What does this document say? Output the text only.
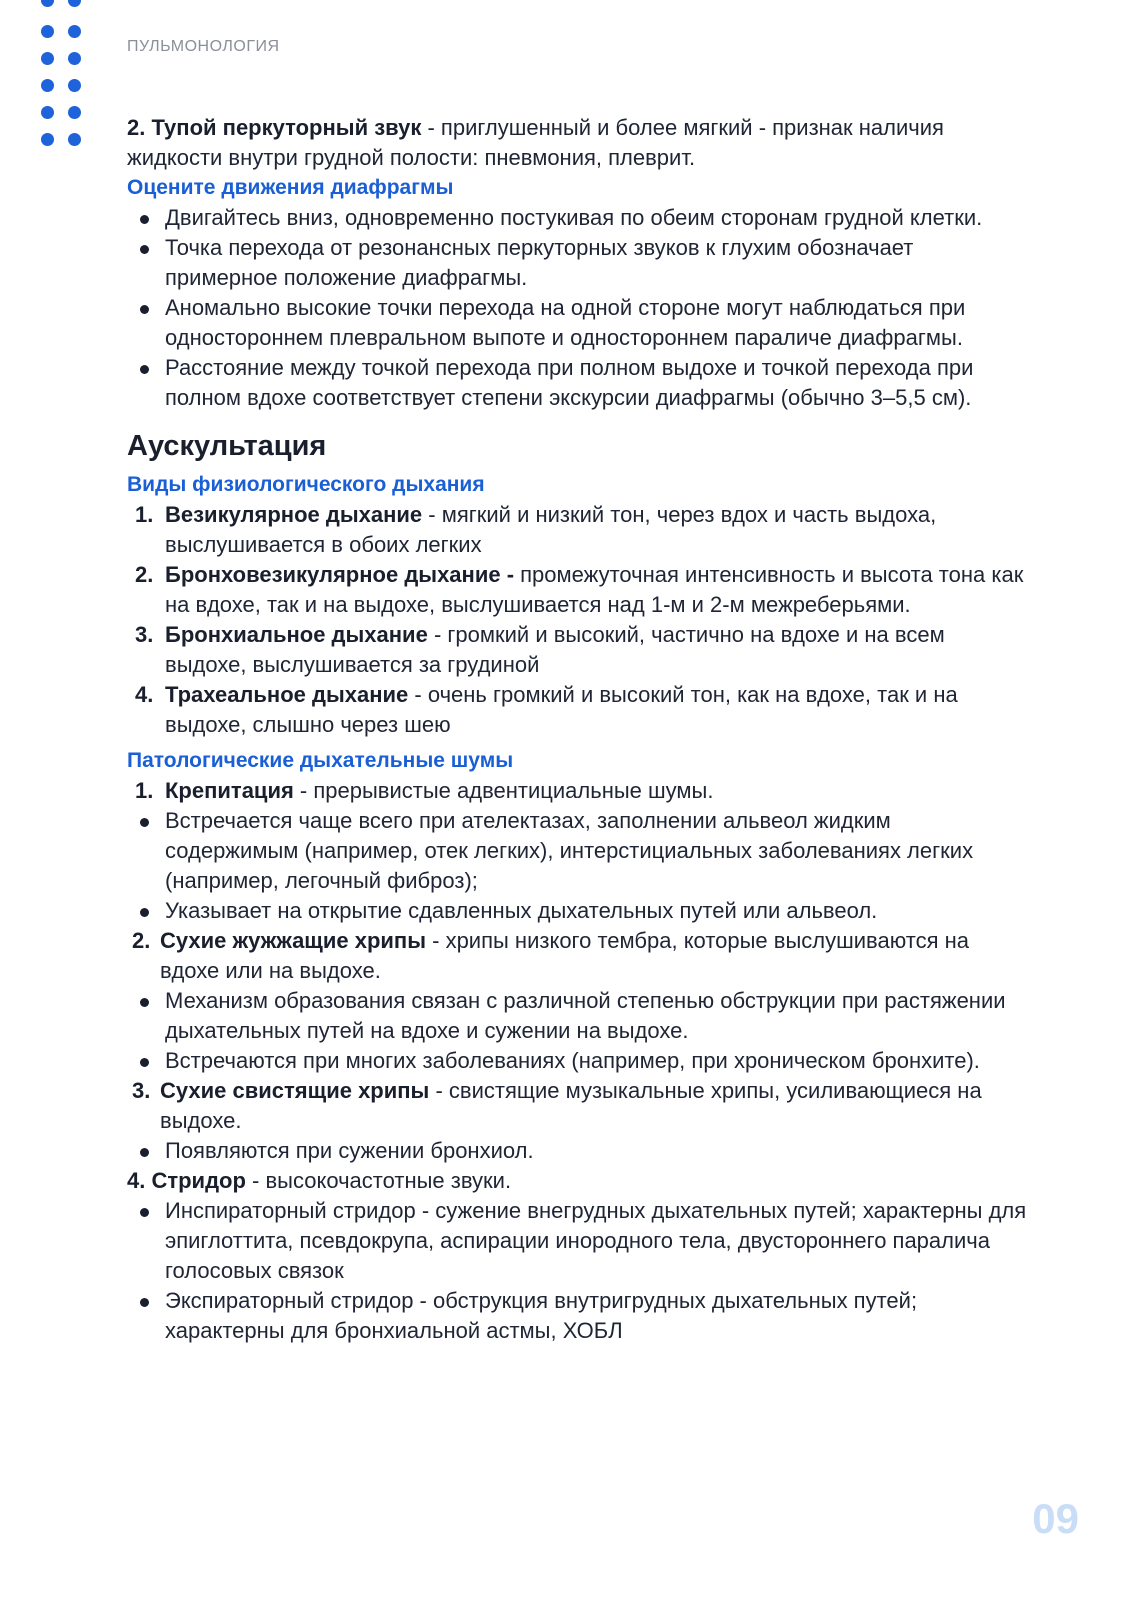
ПУЛЬМОНОЛОГИЯ

2. Тупой перкуторный звук - приглушенный и более мягкий - признак наличия жидкости внутри грудной полости: пневмония, плеврит.

Оцените движения диафрагмы

Двигайтесь вниз, одновременно постукивая по обеим сторонам грудной клетки.

Точка перехода от резонансных перкуторных звуков к глухим обозначает примерное положение диафрагмы.

Аномально высокие точки перехода на одной стороне могут наблюдаться при одностороннем плевральном выпоте и одностороннем параличе диафрагмы.

Расстояние между точкой перехода при полном выдохе и точкой перехода при полном вдохе соответствует степени экскурсии диафрагмы (обычно 3–5,5 см).

Аускультация

Виды физиологического дыхания

1. Везикулярное дыхание - мягкий и низкий тон, через вдох и часть выдоха, выслушивается в обоих легких

2. Бронховезикулярное дыхание - промежуточная интенсивность и высота тона как на вдохе, так и на выдохе, выслушивается над 1-м и 2-м межреберьями.

3. Бронхиальное дыхание - громкий и высокий, частично на вдохе и на всем выдохе, выслушивается за грудиной

4. Трахеальное дыхание - очень громкий и высокий тон, как на вдохе, так и на выдохе, слышно через шею

Патологические дыхательные шумы

1. Крепитация - прерывистые адвентициальные шумы.

Встречается чаще всего при ателектазах, заполнении альвеол жидким содержимым (например, отек легких), интерстициальных заболеваниях легких (например, легочный фиброз);

Указывает на открытие сдавленных дыхательных путей или альвеол.

2. Сухие жужжащие хрипы - хрипы низкого тембра, которые выслушиваются на вдохе или на выдохе.

Механизм образования связан с различной степенью обструкции при растяжении дыхательных путей на вдохе и сужении на выдохе.

Встречаются при многих заболеваниях (например, при хроническом бронхите).

3. Сухие свистящие хрипы - свистящие музыкальные хрипы, усиливающиеся на выдохе.

Появляются при сужении бронхиол.

4. Стридор - высокочастотные звуки.

Инспираторный стридор - сужение внегрудных дыхательных путей; характерны для эпиглоттита, псевдокрупа, аспирации инородного тела, двустороннего паралича голосовых связок

Экспираторный стридор - обструкция внутригрудных дыхательных путей; характерны для бронхиальной астмы, ХОБЛ

09
